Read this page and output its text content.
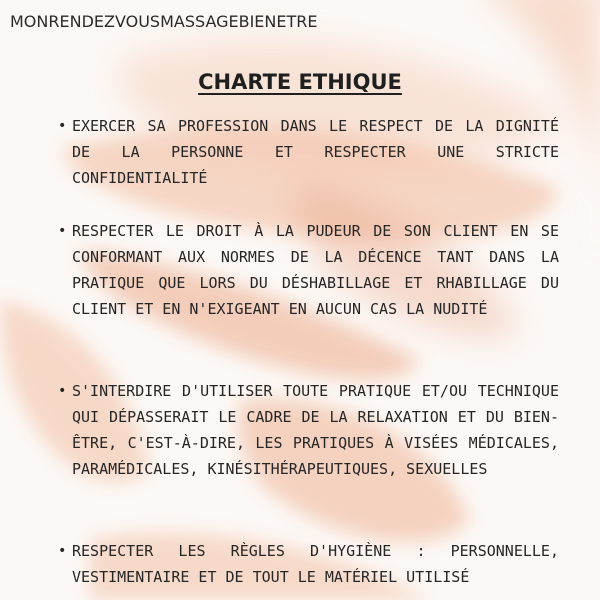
MONRENDEZVOUSMASSAGEBIENETRE
CHARTE ETHIQUE
• EXERCER SA PROFESSION DANS LE RESPECT DE LA DIGNITÉ DE LA PERSONNE ET RESPECTER UNE STRICTE CONFIDENTIALITÉ
• RESPECTER LE DROIT À LA PUDEUR DE SON CLIENT EN SE CONFORMANT AUX NORMES DE LA DÉCENCE TANT DANS LA PRATIQUE QUE LORS DU DÉSHABILLAGE ET RHABILLAGE DU CLIENT ET EN N'EXIGEANT EN AUCUN CAS LA NUDITÉ
• S'INTERDIRE D'UTILISER TOUTE PRATIQUE ET/OU TECHNIQUE QUI DÉPASSERAIT LE CADRE DE LA RELAXATION ET DU BIEN- ÊTRE, C'EST-À-DIRE, LES PRATIQUES À VISÉES MÉDICALES, PARAMÉDICALES, KINÉSITHÉRAPEUTIQUES, SEXUELLES
• RESPECTER LES RÈGLES D'HYGIÈNE : PERSONNELLE, VESTIMENTAIRE ET DE TOUT LE MATÉRIEL UTILISÉ
